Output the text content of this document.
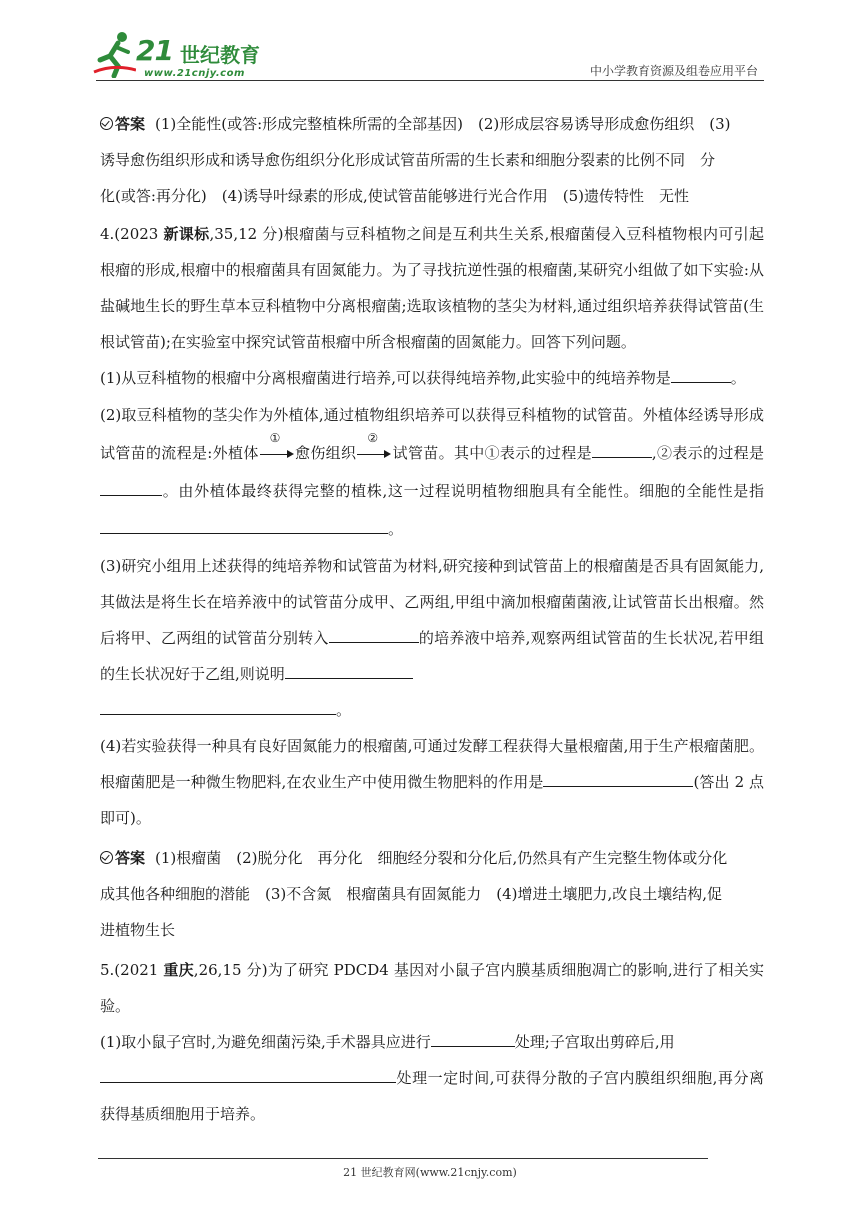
21 世纪教育
www.21cnjy.com	中小学教育资源及组卷应用平台

答案 (1)全能性(或答:形成完整植株所需的全部基因)　(2)形成层容易诱导形成愈伤组织　(3)

诱导愈伤组织形成和诱导愈伤组织分化形成试管苗所需的生长素和细胞分裂素的比例不同　分

化(或答:再分化)　(4)诱导叶绿素的形成,使试管苗能够进行光合作用　(5)遗传特性　无性

4.(2023 新课标,35,12 分)根瘤菌与豆科植物之间是互利共生关系,根瘤菌侵入豆科植物根内可引起根瘤的形成,根瘤中的根瘤菌具有固氮能力。为了寻找抗逆性强的根瘤菌,某研究小组做了如下实验:从盐碱地生长的野生草本豆科植物中分离根瘤菌;选取该植物的茎尖为材料,通过组织培养获得试管苗(生根试管苗);在实验室中探究试管苗根瘤中所含根瘤菌的固氮能力。回答下列问题。

(1)从豆科植物的根瘤中分离根瘤菌进行培养,可以获得纯培养物,此实验中的纯培养物是	。

(2)取豆科植物的茎尖作为外植体,通过植物组织培养可以获得豆科植物的试管苗。外植体经诱导形成试管苗的流程是:外植体
①
愈伤组织
②
试管苗。其中①表示的过程是	,②表示的过程是。由外植体最终获得完整的植株,这一过程说明植物细胞具有全能性。细胞的全能性是指。

(3)研究小组用上述获得的纯培养物和试管苗为材料,研究接种到试管苗上的根瘤菌是否具有固氮能力,其做法是将生长在培养液中的试管苗分成甲、乙两组,甲组中滴加根瘤菌菌液,让试管苗长出根瘤。然后将甲、乙两组的试管苗分别转入	的培养液中培养,观察两组试管苗的生长状况,若甲组的生长状况好于乙组,则说明
。

(4)若实验获得一种具有良好固氮能力的根瘤菌,可通过发酵工程获得大量根瘤菌,用于生产根瘤菌肥。根瘤菌肥是一种微生物肥料,在农业生产中使用微生物肥料的作用是	(答出 2 点即可)。

答案 (1)根瘤菌　(2)脱分化　再分化　细胞经分裂和分化后,仍然具有产生完整生物体或分化

成其他各种细胞的潜能　(3)不含氮　根瘤菌具有固氮能力　(4)增进土壤肥力,改良土壤结构,促

进植物生长

5.(2021 重庆,26,15 分)为了研究 PDCD4 基因对小鼠子宫内膜基质细胞凋亡的影响,进行了相关实验。

(1)取小鼠子宫时,为避免细菌污染,手术器具应进行	处理;子宫取出剪碎后,用
处理一定时间,可获得分散的子宫内膜组织细胞,再分离获得基质细胞用于培养。

21 世纪教育网(www.21cnjy.com)
